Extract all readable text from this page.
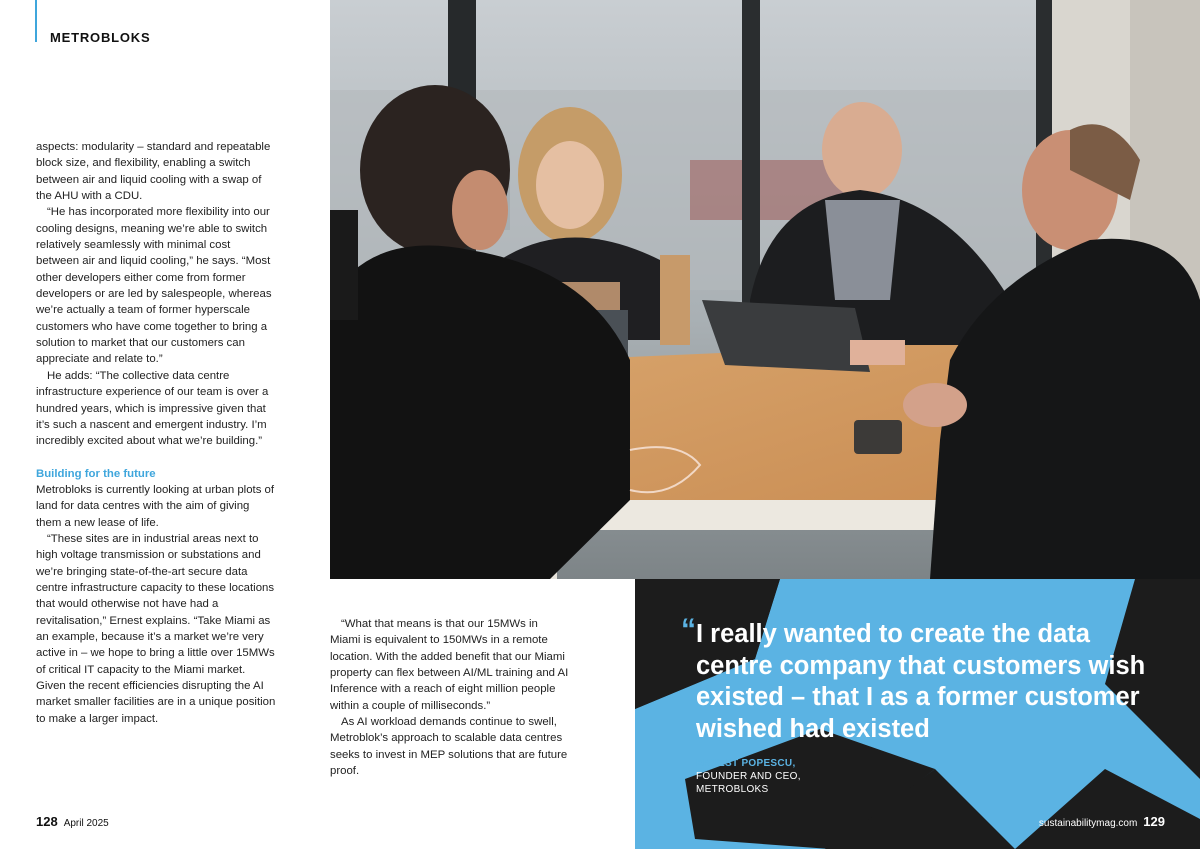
METROBLOKS

aspects: modularity – standard and repeatable block size, and flexibility, enabling a switch between air and liquid cooling with a swap of the AHU with a CDU.

“He has incorporated more flexibility into our cooling designs, meaning we’re able to switch relatively seamlessly with minimal cost between air and liquid cooling,” he says. “Most other developers either come from former developers or are led by salespeople, whereas we’re actually a team of former hyperscale customers who have come together to bring a solution to market that our customers can appreciate and relate to.”

He adds: “The collective data centre infrastructure experience of our team is over a hundred years, which is impressive given that it’s such a nascent and emergent industry. I’m incredibly excited about what we’re building.”

Building for the future

Metrobloks is currently looking at urban plots of land for data centres with the aim of giving them a new lease of life.

“These sites are in industrial areas next to high voltage transmission or substations and we’re bringing state-of-the-art secure data centre infrastructure capacity to these locations that would otherwise not have had a revitalisation,” Ernest explains. “Take Miami as an example, because it’s a market we’re very active in – we hope to bring a little over 15MWs of critical IT capacity to the Miami market. Given the recent efficiencies disrupting the AI market smaller facilities are in a unique position to make a larger impact.

“What that means is that our 15MWs in Miami is equivalent to 150MWs in a remote location. With the added benefit that our Miami property can flex between AI/ML training and AI Inference with a reach of eight million people within a couple of milliseconds.”

As AI workload demands continue to swell, Metroblok’s approach to scalable data centres seeks to invest in MEP solutions that are future proof.

“ I really wanted to create the data centre company that customers wish existed – that I as a former customer wished had existed
ERNEST POPESCU,
FOUNDER AND CEO,
METROBLOKS
128 April 2025	sustainabilitymag.com 129
